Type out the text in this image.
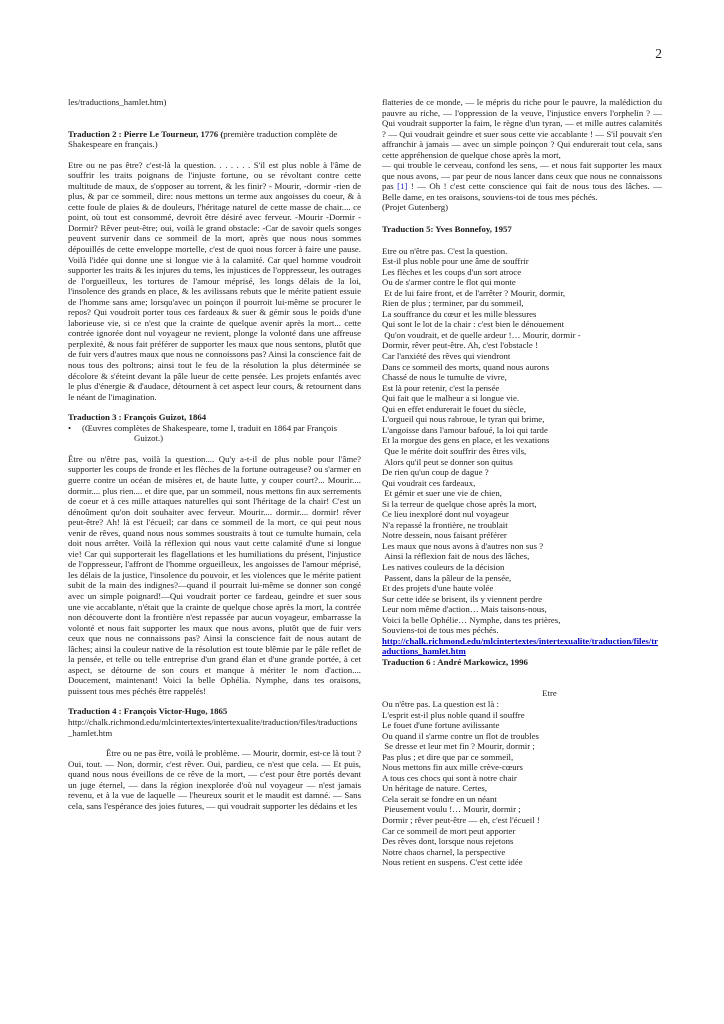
2
les/traductions_hamlet.htm)
Traduction 2 : Pierre Le Tourneur, 1776 (première traduction complète de Shakespeare en français.)

Etre ou ne pas être? c'est-là la question. . . . . . . S'il est plus noble à l'âme de souffrir les traits poignans de l'injuste fortune, ou se révoltant contre cette multitude de maux, de s'opposer au torrent, & les finir? - Mourir, -dormir -rien de plus, & par ce sommeil, dire: nous mettons un terme aux angoisses du coeur, & à cette foule de plaies & de douleurs, l'héritage naturel de cette masse de chair.... ce point, où tout est consommé, devroit être désiré avec ferveur. -Mourir -Dormir -Dormir? Rêver peut-être; oui, voilà le grand obstacle: -Car de savoir quels songes peuvent survenir dans ce sommeil de la mort, après que nous nous sommes dépouillés de cette enveloppe mortelle, c'est de quoi nous forcer à faire une pause. Voilà l'idée qui donne une si longue vie à la calamité. Car quel homme voudroit supporter les traits & les injures du tems, les injustices de l'oppresseur, les outrages de l'orgueilleux, les tortures de l'amour méprisé, les longs délais de la loi, l'insolence des grands en place, & les avilissans rebuts que le mérite patient essuie de l'homme sans ame; lorsqu'avec un poinçon il pourroit lui-même se procurer le repos? Qui voudroit porter tous ces fardeaux & suer & gémir sous le poids d'une laborieuse vie, si ce n'est que la crainte de quelque avenir après la mort... cette contrée ignorée dont nul voyageur ne revient, plonge la volonté dans une affreuse perplexité, & nous fait préférer de supporter les maux que nous sentons, plutôt que de fuir vers d'autres maux que nous ne connoissons pas? Ainsi la conscience fait de nous tous des poltrons; ainsi tout le feu de la résolution la plus déterminée se décolore & s'éteint devant la pâle lueur de cette pensée. Les projets enfantés avec le plus d'énergie & d'audace, détournent à cet aspect leur cours, & retournent dans le néant de l'imagination.

Traduction 3 : François Guizot, 1864
•	(Œuvres complètes de Shakespeare, tome I, traduit en 1864 par François Guizot.)

Être ou n'être pas, voilà la question.... Qu'y a-t-il de plus noble pour l'âme? supporter les coups de fronde et les flèches de la fortune outrageuse? ou s'armer en guerre contre un océan de misères et, de haute lutte, y couper court?... Mourir.... dormir.... plus rien.... et dire que, par un sommeil, nous mettons fin aux serrements de coeur et à ces mille attaques naturelles qui sont l'héritage de la chair! C'est un dénoûment qu'on doit souhaiter avec ferveur. Mourir.... dormir.... dormir! rêver peut-être? Ah! là est l'écueil; car dans ce sommeil de la mort, ce qui peut nous venir de rêves, quand nous nous sommes soustraits à tout ce tumulte humain, cela doit nous arrêter. Voilà la réflexion qui nous vaut cette calamité d'une si longue vie! Car qui supporterait les flagellations et les humiliations du présent, l'injustice de l'oppresseur, l'affront de l'homme orgueilleux, les angoisses de l'amour méprisé, les délais de la justice, l'insolence du pouvoir, et les violences que le mérite patient subit de la main des indignes?—quand il pourrait lui-même se donner son congé avec un simple poignard!—Qui voudrait porter ce fardeau, geindre et suer sous une vie accablante, n'était que la crainte de quelque chose après la mort, la contrée non découverte dont la frontière n'est repassée par aucun voyageur, embarrasse la volonté et nous fait supporter les maux que nous avons, plutôt que de fuir vers ceux que nous ne connaissons pas? Ainsi la conscience fait de nous autant de lâches; ainsi la couleur native de la résolution est toute blêmie par le pâle reflet de la pensée, et telle ou telle entreprise d'un grand élan et d'une grande portée, à cet aspect, se détourne de son cours et manque à mériter le nom d'action.... Doucement, maintenant! Voici la belle Ophélia. Nymphe, dans tes oraisons, puissent tous mes péchés être rappelés!

Traduction 4 : François Victor-Hugo, 1865
http://chalk.richmond.edu/mlcintertextes/intertexualite/traduction/files/traductions_hamlet.htm

Être ou ne pas être, voilà le problème. — Mourir, dormir, est-ce là tout ? Oui, tout. — Non, dormir, c'est rêver. Oui, pardieu, ce n'est que cela. — Et puis, quand nous nous éveillons de ce rêve de la mort, — c'est pour être portés devant un juge éternel, — dans la région inexplorée d'où nul voyageur — n'est jamais revenu, et à la vue de laquelle — l'heureux sourit et le maudit est damné. — Sans cela, sans l'espérance des joies futures, — qui voudrait supporter les dédains et les

flatteries de ce monde, — le mépris du riche pour le pauvre, la malédiction du pauvre au riche, — l'oppression de la veuve, l'injustice envers l'orphelin ? — Qui voudrait supporter la faim, le règne d'un tyran, — et mille autres calamités ? — Qui voudrait geindre et suer sous cette vie accablante ! — S'il pouvait s'en affranchir à jamais — avec un simple poinçon ? Qui endurerait tout cela, sans cette appréhension de quelque chose après la mort,

— qui trouble le cerveau, confond les sens, — et nous fait supporter les maux que nous avons, — par peur de nous lancer dans ceux que nous ne connaissons pas [1] ! — Oh ! c'est cette conscience qui fait de nous tous des lâches. — Belle dame, en tes oraisons, souviens-toi de tous mes péchés.

(Projet Gutenberg)
Traduction 5: Yves Bonnefoy, 1957
Etre ou n'être pas. C'est la question.
Est-il plus noble pour une âme de souffrir
Les flèches et les coups d'un sort atroce
Ou de s'armer contre le flot qui monte
Et de lui faire front, et de l'arrêter ? Mourir, dormir,
Rien de plus ; terminer, par du sommeil,
La souffrance du cœur et les mille blessures
Qui sont le lot de la chair : c'est bien le dénouement
Qu'on voudrait, et de quelle ardeur !… Mourir, dormir -
Dormir, rêver peut-être. Ah, c'est l'obstacle !
Car l'anxiété des rêves qui viendront
Dans ce sommeil des morts, quand nous aurons
Chassé de nous le tumulte de vivre,
Est là pour retenir, c'est la pensée
Qui fait que le malheur a si longue vie.
Qui en effet endurerait le fouet du siècle,
L'orgueil qui nous rabroue, le tyran qui brime,
L'angoisse dans l'amour bafoué, la loi qui tarde
Et la morgue des gens en place, et les vexations
Que le mérite doit souffrir des êtres vils,
Alors qu'il peut se donner son quitus
De rien qu'un coup de dague ?
Qui voudrait ces fardeaux,
Et gémir et suer une vie de chien,
Si la terreur de quelque chose après la mort,
Ce lieu inexploré dont nul voyageur
N'a repassé la frontière, ne troublait
Notre dessein, nous faisant préférer
Les maux que nous avons à d'autres non sus ?
Ainsi la réflexion fait de nous des lâches,
Les natives couleurs de la décision
Passent, dans la pâleur de la pensée,
Et des projets d'une haute volée
Sur cette idée se brisent, ils y viennent perdre
Leur nom même d'action… Mais taisons-nous,
Voici la belle Ophélie… Nymphe, dans tes prières,
Souviens-toi de tous mes péchés.
http://chalk.richmond.edu/mlcintertextes/intertexualite/traduction/files/traductions_hamlet.htm
Traduction 6 : André Markowicz, 1996
Etre
Ou n'être pas. La question est là :
L'esprit est-il plus noble quand il souffre
Le fouet d'une fortune avilissante
Ou quand il s'arme contre un flot de troubles
Se dresse et leur met fin ? Mourir, dormir ;
Pas plus ; et dire que par ce sommeil,
Nous mettons fin aux mille crève-cœurs
A tous ces chocs qui sont à notre chair
Un héritage de nature. Certes,
Cela serait se fondre en un néant
Pieusement voulu !… Mourir, dormir ;
Dormir ; rêver peut-être — eh, c'est l'écueil !
Car ce sommeil de mort peut apporter
Des rêves dont, lorsque nous rejetons
Notre chaos charnel, la perspective
Nous retient en suspens. C'est cette idée
